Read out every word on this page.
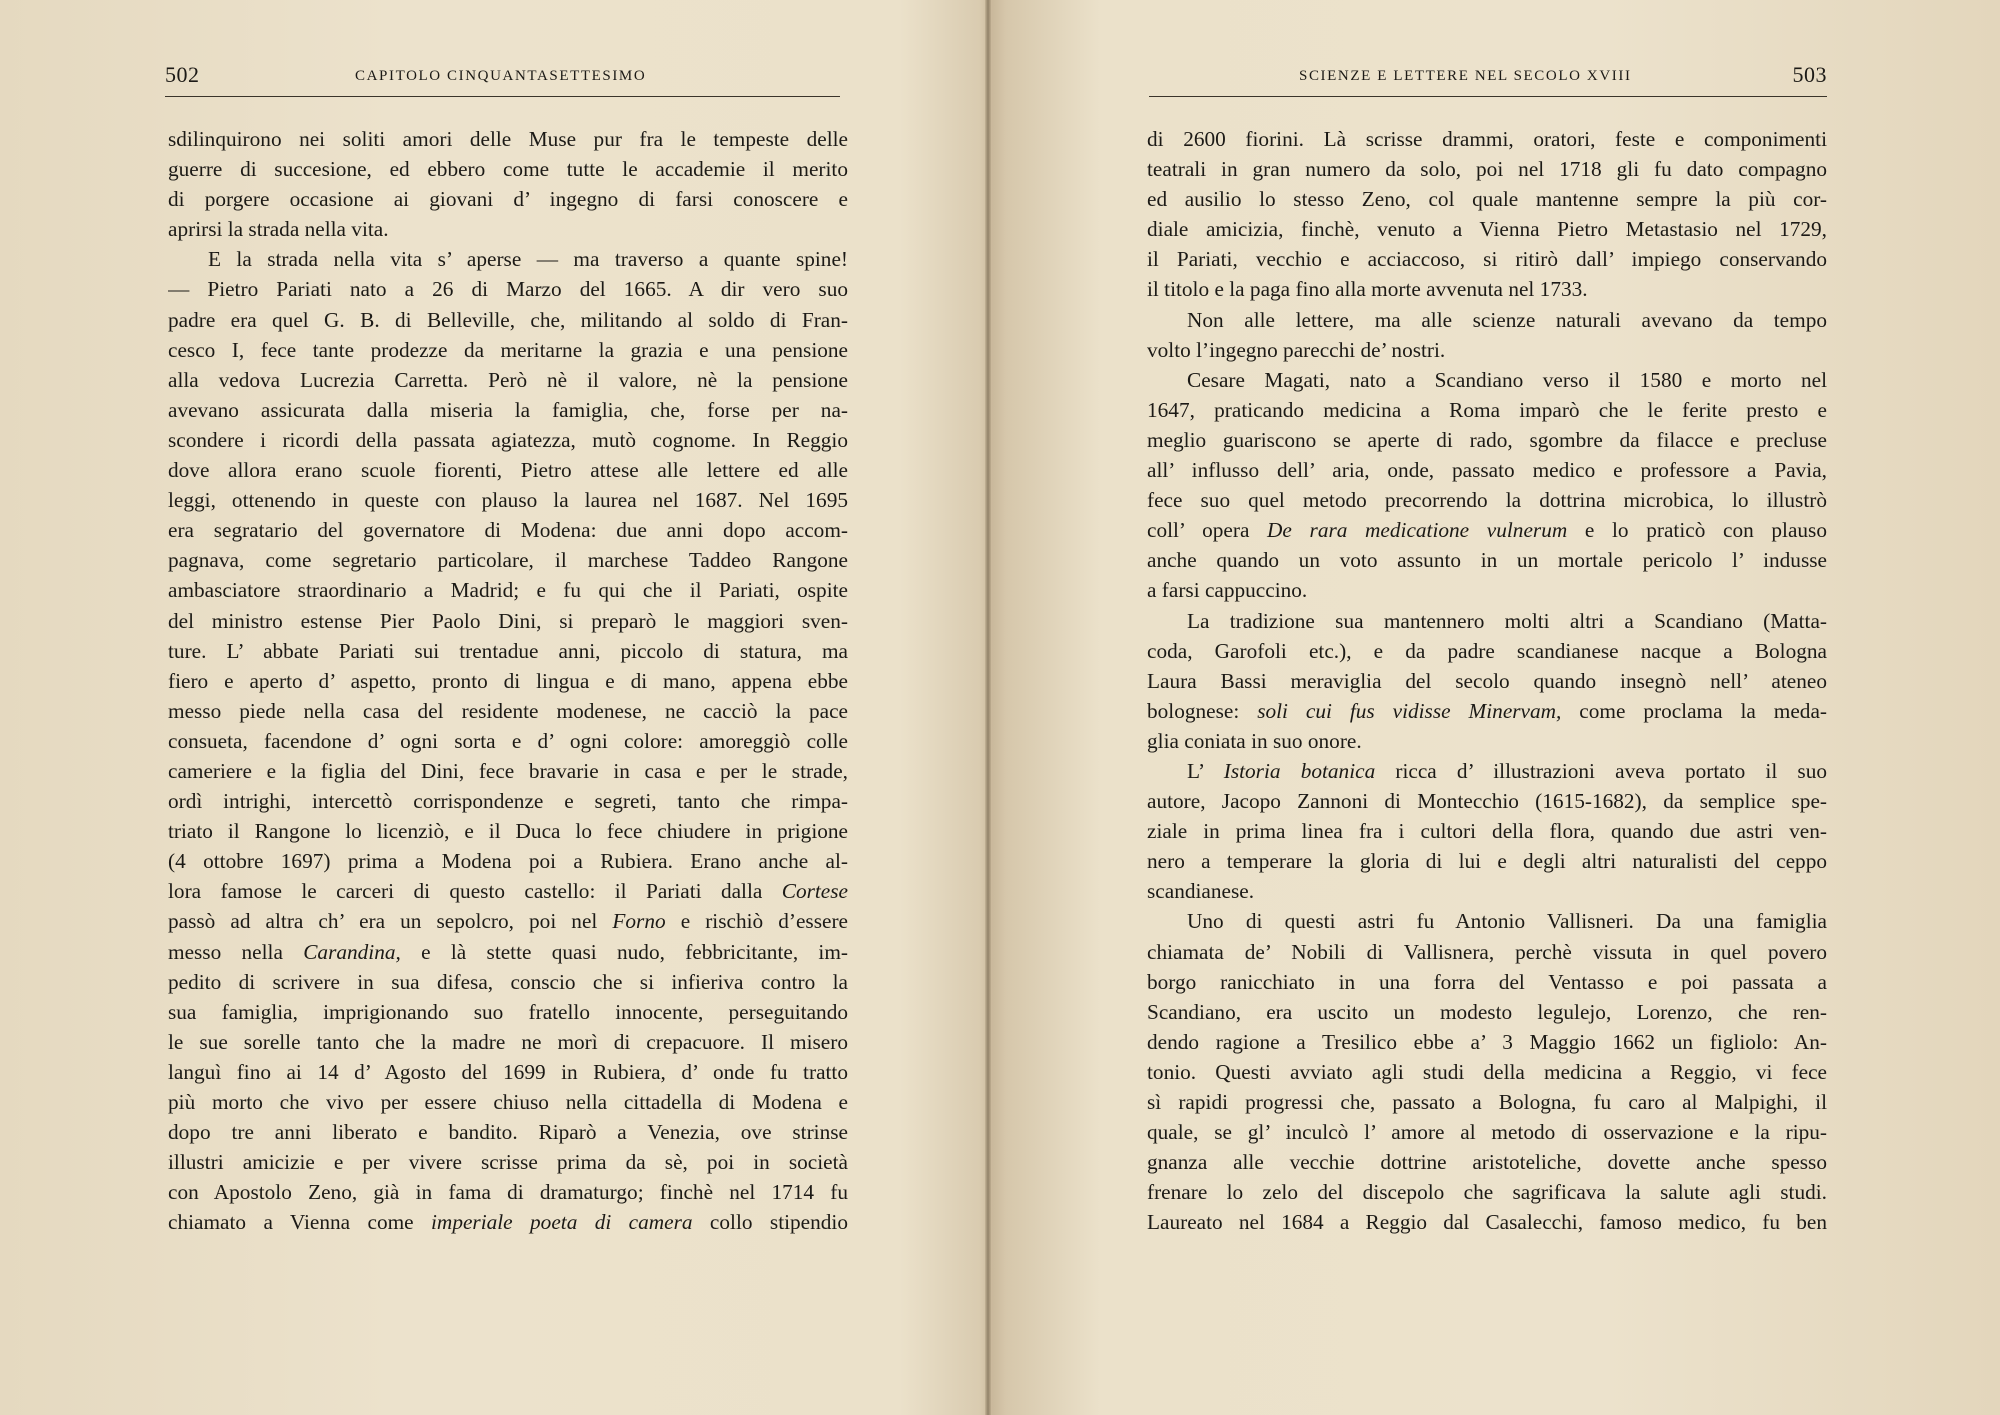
502	CAPITOLO CINQUANTASETTESIMO
sdilinquirono nei soliti amori delle Muse pur fra le tempeste delle
guerre di succesione, ed ebbero come tutte le accademie il merito
di porgere occasione ai giovani d’ ingegno di farsi conoscere e
aprirsi la strada nella vita.
E la strada nella vita s’ aperse — ma traverso a quante spine!
— Pietro Pariati nato a 26 di Marzo del 1665. A dir vero suo
padre era quel G. B. di Belleville, che, militando al soldo di Fran-
cesco I, fece tante prodezze da meritarne la grazia e una pensione
alla vedova Lucrezia Carretta. Però nè il valore, nè la pensione
avevano assicurata dalla miseria la famiglia, che, forse per na-
scondere i ricordi della passata agiatezza, mutò cognome. In Reggio
dove allora erano scuole fiorenti, Pietro attese alle lettere ed alle
leggi, ottenendo in queste con plauso la laurea nel 1687. Nel 1695
era segratario del governatore di Modena: due anni dopo accom-
pagnava, come segretario particolare, il marchese Taddeo Rangone
ambasciatore straordinario a Madrid; e fu qui che il Pariati, ospite
del ministro estense Pier Paolo Dini, si preparò le maggiori sven-
ture. L’ abbate Pariati sui trentadue anni, piccolo di statura, ma
fiero e aperto d’ aspetto, pronto di lingua e di mano, appena ebbe
messo piede nella casa del residente modenese, ne cacciò la pace
consueta, facendone d’ ogni sorta e d’ ogni colore: amoreggiò colle
cameriere e la figlia del Dini, fece bravarie in casa e per le strade,
ordì intrighi, intercettò corrispondenze e segreti, tanto che rimpa-
triato il Rangone lo licenziò, e il Duca lo fece chiudere in prigione
(4 ottobre 1697) prima a Modena poi a Rubiera. Erano anche al-
lora famose le carceri di questo castello: il Pariati dalla Cortese
passò ad altra ch’ era un sepolcro, poi nel Forno e rischiò d’essere
messo nella Carandina, e là stette quasi nudo, febbricitante, im-
pedito di scrivere in sua difesa, conscio che si infieriva contro la
sua famiglia, imprigionando suo fratello innocente, perseguitando
le sue sorelle tanto che la madre ne morì di crepacuore. Il misero
languì fino ai 14 d’ Agosto del 1699 in Rubiera, d’ onde fu tratto
più morto che vivo per essere chiuso nella cittadella di Modena e
dopo tre anni liberato e bandito. Riparò a Venezia, ove strinse
illustri amicizie e per vivere scrisse prima da sè, poi in società
con Apostolo Zeno, già in fama di dramaturgo; finchè nel 1714 fu
chiamato a Vienna come imperiale poeta di camera collo stipendio
SCIENZE E LETTERE NEL SECOLO XVIII	503
di 2600 fiorini. Là scrisse drammi, oratori, feste e componimenti
teatrali in gran numero da solo, poi nel 1718 gli fu dato compagno
ed ausilio lo stesso Zeno, col quale mantenne sempre la più cor-
diale amicizia, finchè, venuto a Vienna Pietro Metastasio nel 1729,
il Pariati, vecchio e acciaccoso, si ritirò dall’ impiego conservando
il titolo e la paga fino alla morte avvenuta nel 1733.
Non alle lettere, ma alle scienze naturali avevano da tempo
volto l’ingegno parecchi de’ nostri.
Cesare Magati, nato a Scandiano verso il 1580 e morto nel
1647, praticando medicina a Roma imparò che le ferite presto e
meglio guariscono se aperte di rado, sgombre da filacce e precluse
all’ influsso dell’ aria, onde, passato medico e professore a Pavia,
fece suo quel metodo precorrendo la dottrina microbica, lo illustrò
coll’ opera De rara medicatione vulnerum e lo praticò con plauso
anche quando un voto assunto in un mortale pericolo l’ indusse
a farsi cappuccino.
La tradizione sua mantennero molti altri a Scandiano (Matta-
coda, Garofoli etc.), e da padre scandianese nacque a Bologna
Laura Bassi meraviglia del secolo quando insegnò nell’ ateneo
bolognese: soli cui fus vidisse Minervam, come proclama la meda-
glia coniata in suo onore.
L’ Istoria botanica ricca d’ illustrazioni aveva portato il suo
autore, Jacopo Zannoni di Montecchio (1615-1682), da semplice spe-
ziale in prima linea fra i cultori della flora, quando due astri ven-
nero a temperare la gloria di lui e degli altri naturalisti del ceppo
scandianese.
Uno di questi astri fu Antonio Vallisneri. Da una famiglia
chiamata de’ Nobili di Vallisnera, perchè vissuta in quel povero
borgo ranicchiato in una forra del Ventasso e poi passata a
Scandiano, era uscito un modesto legulejo, Lorenzo, che ren-
dendo ragione a Tresilico ebbe a’ 3 Maggio 1662 un figliolo: An-
tonio. Questi avviato agli studi della medicina a Reggio, vi fece
sì rapidi progressi che, passato a Bologna, fu caro al Malpighi, il
quale, se gl’ inculcò l’ amore al metodo di osservazione e la ripu-
gnanza alle vecchie dottrine aristoteliche, dovette anche spesso
frenare lo zelo del discepolo che sagrificava la salute agli studi.
Laureato nel 1684 a Reggio dal Casalecchi, famoso medico, fu ben
